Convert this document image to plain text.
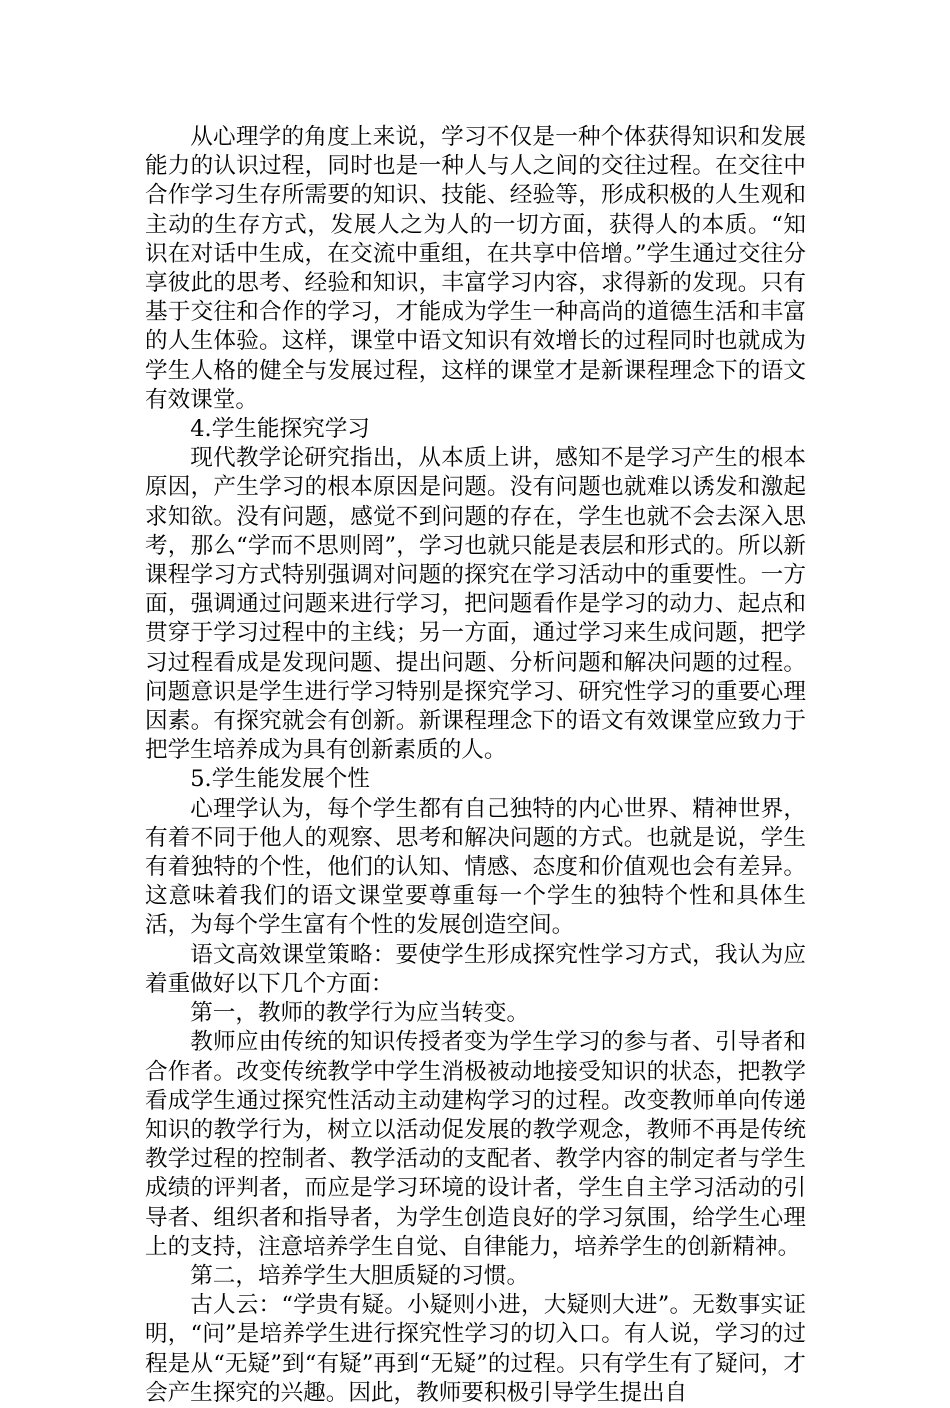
从心理学的角度上来说，学习不仅是一种个体获得知识和发展能力的认识过程，同时也是一种人与人之间的交往过程。在交往中合作学习生存所需要的知识、技能、经验等，形成积极的人生观和主动的生存方式，发展人之为人的一切方面，获得人的本质。“知识在对话中生成，在交流中重组，在共享中倍增。”学生通过交往分享彼此的思考、经验和知识，丰富学习内容，求得新的发现。只有基于交往和合作的学习，才能成为学生一种高尚的道德生活和丰富的人生体验。这样，课堂中语文知识有效增长的过程同时也就成为学生人格的健全与发展过程，这样的课堂才是新课程理念下的语文有效课堂。

4.学生能探究学习

现代教学论研究指出，从本质上讲，感知不是学习产生的根本原因，产生学习的根本原因是问题。没有问题也就难以诱发和激起求知欲。没有问题，感觉不到问题的存在，学生也就不会去深入思考，那么“学而不思则罔”，学习也就只能是表层和形式的。所以新课程学习方式特别强调对问题的探究在学习活动中的重要性。一方面，强调通过问题来进行学习，把问题看作是学习的动力、起点和贯穿于学习过程中的主线；另一方面，通过学习来生成问题，把学习过程看成是发现问题、提出问题、分析问题和解决问题的过程。问题意识是学生进行学习特别是探究学习、研究性学习的重要心理因素。有探究就会有创新。新课程理念下的语文有效课堂应致力于把学生培养成为具有创新素质的人。

5.学生能发展个性

心理学认为，每个学生都有自己独特的内心世界、精神世界，有着不同于他人的观察、思考和解决问题的方式。也就是说，学生有着独特的个性，他们的认知、情感、态度和价值观也会有差异。这意味着我们的语文课堂要尊重每一个学生的独特个性和具体生活，为每个学生富有个性的发展创造空间。

语文高效课堂策略：要使学生形成探究性学习方式，我认为应着重做好以下几个方面：

第一，教师的教学行为应当转变。

教师应由传统的知识传授者变为学生学习的参与者、引导者和合作者。改变传统教学中学生消极被动地接受知识的状态，把教学看成学生通过探究性活动主动建构学习的过程。改变教师单向传递知识的教学行为，树立以活动促发展的教学观念，教师不再是传统教学过程的控制者、教学活动的支配者、教学内容的制定者与学生成绩的评判者，而应是学习环境的设计者，学生自主学习活动的引导者、组织者和指导者，为学生创造良好的学习氛围，给学生心理上的支持，注意培养学生自觉、自律能力，培养学生的创新精神。

第二，培养学生大胆质疑的习惯。

古人云：“学贵有疑。小疑则小进，大疑则大进”。无数事实证明，“问”是培养学生进行探究性学习的切入口。有人说，学习的过程是从“无疑”到“有疑”再到“无疑”的过程。只有学生有了疑问，才会产生探究的兴趣。因此，教师要积极引导学生提出自
